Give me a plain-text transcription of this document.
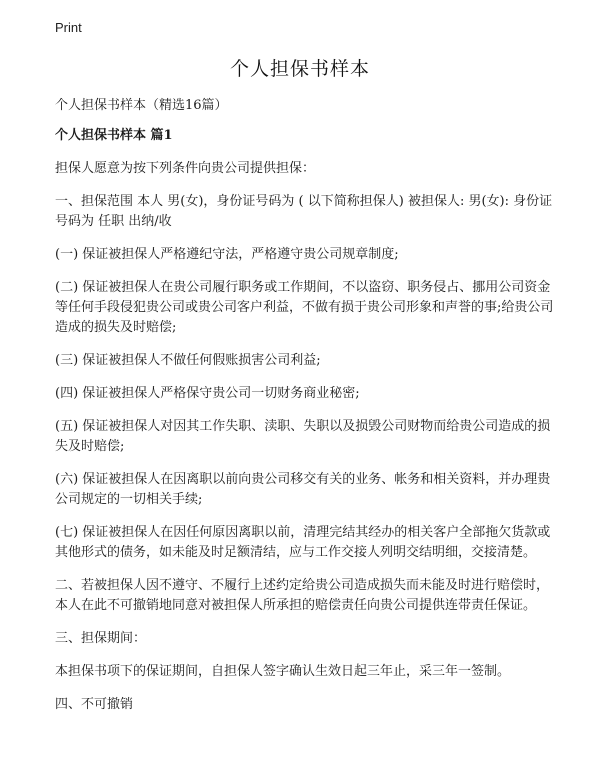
Print
个人担保书样本

个人担保书样本（精选16篇）

个人担保书样本 篇1

担保人愿意为按下列条件向贵公司提供担保：

一、担保范围 本人 男(女)，身份证号码为 ( 以下简称担保人) 被担保人: 男(女): 身份证号码为 任职 出纳/收

(一) 保证被担保人严格遵纪守法，严格遵守贵公司规章制度;

(二) 保证被担保人在贵公司履行职务或工作期间，不以盗窃、职务侵占、挪用公司资金等任何手段侵犯贵公司或贵公司客户利益，不做有损于贵公司形象和声誉的事;给贵公司造成的损失及时赔偿;

(三) 保证被担保人不做任何假账损害公司利益;

(四) 保证被担保人严格保守贵公司一切财务商业秘密;

(五) 保证被担保人对因其工作失职、渎职、失职以及损毁公司财物而给贵公司造成的损失及时赔偿;

(六) 保证被担保人在因离职以前向贵公司移交有关的业务、帐务和相关资料，并办理贵公司规定的一切相关手续;

(七) 保证被担保人在因任何原因离职以前，清理完结其经办的相关客户全部拖欠货款或其他形式的债务，如未能及时足额清结，应与工作交接人列明交结明细，交接清楚。

二、若被担保人因不遵守、不履行上述约定给贵公司造成损失而未能及时进行赔偿时，本人在此不可撤销地同意对被担保人所承担的赔偿责任向贵公司提供连带责任保证。

三、担保期间：

本担保书项下的保证期间，自担保人签字确认生效日起三年止，采三年一签制。

四、不可撤销
